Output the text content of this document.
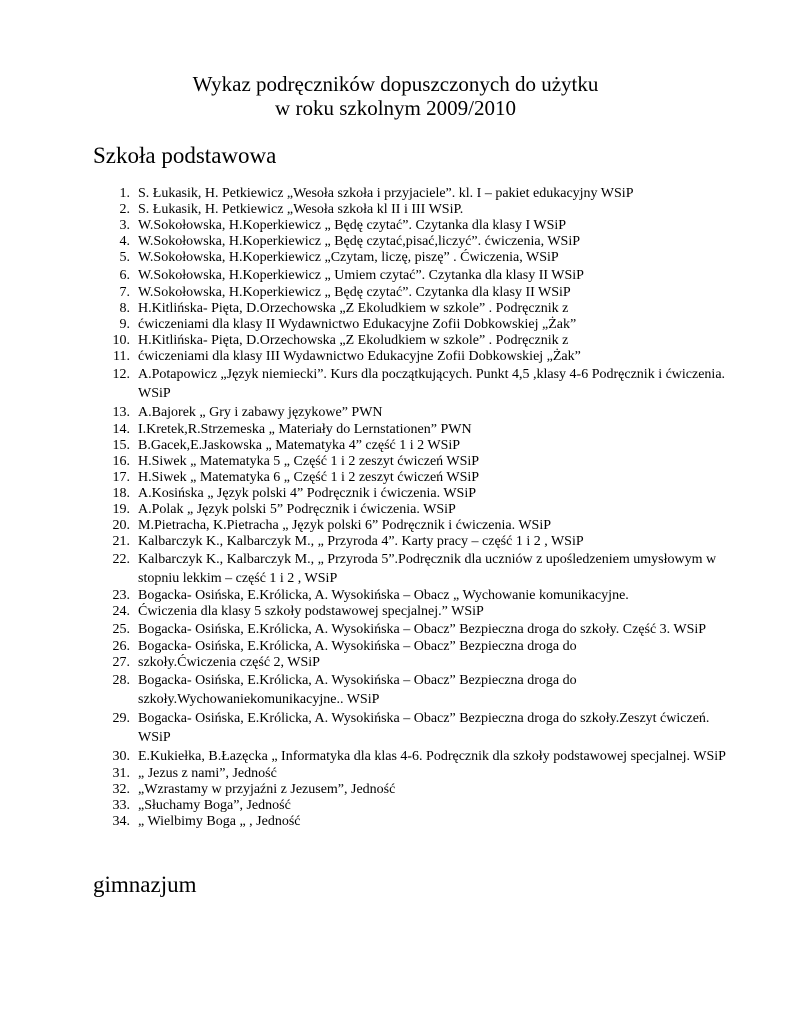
Wykaz podręczników dopuszczonych do użytku
w roku szkolnym 2009/2010
Szkoła podstawowa
1. S. Łukasik, H. Petkiewicz „Wesoła szkoła i przyjaciele”. kl. I – pakiet edukacyjny WSiP
2. S. Łukasik, H. Petkiewicz „Wesoła szkoła kl II i III WSiP.
3. W.Sokołowska, H.Koperkiewicz „ Będę czytać”. Czytanka dla klasy I WSiP
4. W.Sokołowska, H.Koperkiewicz „ Będę czytać,pisać,liczyć”. ćwiczenia, WSiP
5. W.Sokołowska, H.Koperkiewicz „Czytam, liczę, piszę” . Ćwiczenia, WSiP
6. W.Sokołowska, H.Koperkiewicz „ Umiem czytać”. Czytanka dla klasy II WSiP
7. W.Sokołowska, H.Koperkiewicz „ Będę czytać”. Czytanka dla klasy II WSiP
8. H.Kitlińska- Pięta, D.Orzechowska „Z Ekoludkiem w szkole” . Podręcznik z
9. ćwiczeniami dla klasy II Wydawnictwo Edukacyjne Zofii Dobkowskiej „Żak”
10. H.Kitlińska- Pięta, D.Orzechowska „Z Ekoludkiem w szkole” . Podręcznik z
11. ćwiczeniami dla klasy III Wydawnictwo Edukacyjne Zofii Dobkowskiej „Żak”
12. A.Potapowicz „Język niemiecki”. Kurs dla początkujących. Punkt 4,5 ,klasy 4-6 Podręcznik i ćwiczenia. WSiP
13. A.Bajorek „ Gry i zabawy językowe” PWN
14. I.Kretek,R.Strzemeska „ Materiały do Lernstationen” PWN
15. B.Gacek,E.Jaskowska „ Matematyka 4” część 1 i 2 WSiP
16. H.Siwek „ Matematyka 5 „ Część 1 i 2 zeszyt ćwiczeń WSiP
17. H.Siwek „ Matematyka 6 „ Część 1 i 2 zeszyt ćwiczeń WSiP
18. A.Kosińska „ Język polski 4” Podręcznik i ćwiczenia. WSiP
19. A.Polak „ Język polski 5” Podręcznik i ćwiczenia. WSiP
20. M.Pietracha, K.Pietracha „ Język polski 6” Podręcznik i ćwiczenia. WSiP
21. Kalbarczyk K., Kalbarczyk M., „ Przyroda 4”. Karty pracy – część 1 i 2 , WSiP
22. Kalbarczyk K., Kalbarczyk M., „ Przyroda 5”.Podręcznik dla uczniów z upośledzeniem umysłowym w stopniu lekkim – część 1 i 2 , WSiP
23. Bogacka- Osińska, E.Królicka, A. Wysokińska – Obacz „ Wychowanie komunikacyjne.
24. Ćwiczenia dla klasy 5 szkoły podstawowej specjalnej.” WSiP
25. Bogacka- Osińska, E.Królicka, A. Wysokińska – Obacz” Bezpieczna droga do szkoły. Część 3. WSiP
26. Bogacka- Osińska, E.Królicka, A. Wysokińska – Obacz” Bezpieczna droga do
27. szkoły.Ćwiczenia część 2, WSiP
28. Bogacka- Osińska, E.Królicka, A. Wysokińska – Obacz” Bezpieczna droga do szkoły.Wychowaniekomunikacyjne.. WSiP
29. Bogacka- Osińska, E.Królicka, A. Wysokińska – Obacz” Bezpieczna droga do szkoły.Zeszyt ćwiczeń. WSiP
30. E.Kukiełka, B.Łazęcka „ Informatyka dla klas 4-6. Podręcznik dla szkoły podstawowej specjalnej. WSiP
31. „ Jezus z nami”, Jedność
32. „Wzrastamy w przyjaźni z Jezusem”, Jedność
33. „Słuchamy Boga”, Jedność
34. „ Wielbimy Boga „ , Jedność
gimnazjum
